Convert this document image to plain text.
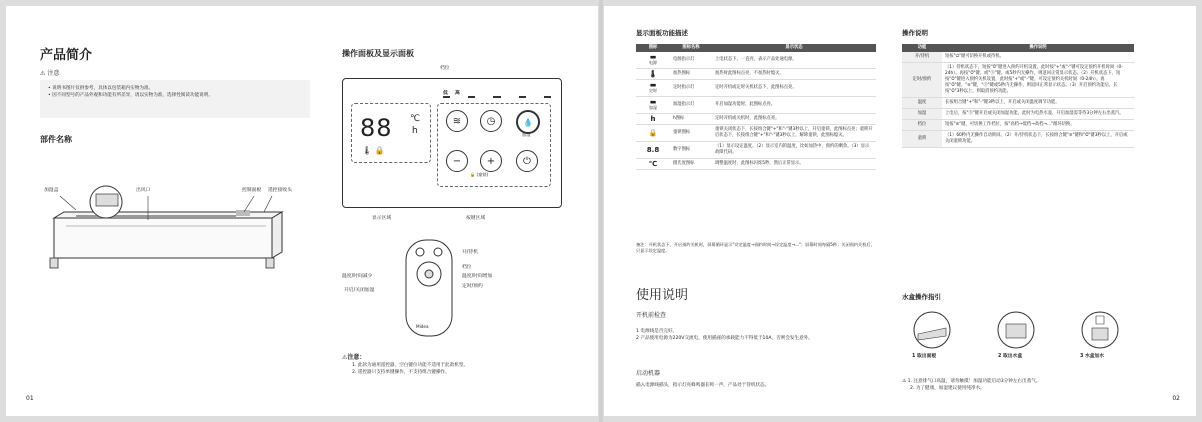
产品简介
⚠ 注意
• 说明书图片仅供参考，具体以包装箱内实物为准。
• 因不同型号的产品外观和功能有所差异，请以实物为准，选择性阅读功能说明。
部件名称
加湿盒	出风口	控制面板 遥控接收头
操作面板及显示面板
档位
低 高
88 ℃
h
🌡 🔒
≋	◷	💧
加湿
−	+	⏻
🔒 (童锁)
显示区域	按键区域
Midea
开/待机
档位
温度/时间减少	温度/时间增加
开启/关闭加湿
定时/预约
⚠注意：
1. 此款为通用遥控器，空白键位功能不适用于此款机型。
2. 遥控器只支持单键操作，不支持组合键操作。
01
显示面板功能描述
图标	图标名称	显示状态

▬
电源	电源指示灯	上电状态下，一直亮，表示产品处通电源。

🌡	加热图标	加热时此图标点亮，不加热时熄灭。

▬
定时	定时指示灯	定时开机或定时关机状态下，此图标点亮。

▬
加湿	加湿指示灯	开启加湿功能时，此图标点亮。

h	h图标	定时开机或关机时，此图标点亮。

🔒	童锁图标	童锁关闭状态下，长按组合键"+"和"-"键3秒以上，开启童锁，此图标点亮；童锁开启状态下，长按组合键"+"和"-"键3秒以上，解除童锁，此图标熄灭。

8.8	数字图标	（1）显示设定温度。（2）显示室内的温度，比如加热中，预约的剩余。（3）显示故障代码。

℃	摄氏度图标	调整温度时，此图标闪烁5秒，然后正常显示。
备注：开机状态下，开启预约关机时，屏幕循环显示"设定温度→预约时间→设定温度→..."；屏幕时间每隔5秒；关闭预约关机后，只显示设定温度。
使用说明
开机前检查
1 电源线是否完好。
2 产品使用电源为220V交流电，使用插座的承载能力不得低于10A，否则会发生意外。
启动机器
插入电源线插头，指示灯亮蜂鸣器长鸣一声，产品处于待机状态。
操作说明
功能	操作说明
开/待机	短按"⏻"键可切换开机或待机。
定时/预约	（1）待机状态下，短按"⏱"键进入预约开机设置，此时按"+"或"-"键可设定预约开机时间（0-24h）。再按"⏱"键，或"Ⓢ"键，或5秒内无操作，则返回正常显示状态。（2）开机状态下，短按"⏱"键进入预约关机设置，此时按"+"或"-"键，可设定预约关机时间（0-24h）。再按"⏱"键，"≋"键，"Ⓢ"键或5秒内无操作，则返回正常显示状态。（3）开启预约功能后，长按"⏱"3秒以上，则取消预约功能。
温度	长按组合键"+"和"-"键3秒以上，开启或关闭温度调节功能。
加湿	上电后，按"Ⓢ"键开启或关闭加湿功能，此时为电热水壶，开启加湿需等待3分钟左右出蒸汽。
档位	短按"≋"键，可切换工作档位，按"高档→低档→高档→..."循环切换。
童锁	（1）60秒内无操作自动锁屏。（2）开/待机状态下，长按组合键"≋"键和"⏱"键3秒以上，开启或关闭童锁功能。
水盒操作指引
1 取出面板	2 取出水盒	3 水盒加水
⚠ 1. 注意排气口高温，请勿触摸！加湿功能启动3分钟左右出蒸气。
2. 为了健康，加湿建议使用纯净水。
02
